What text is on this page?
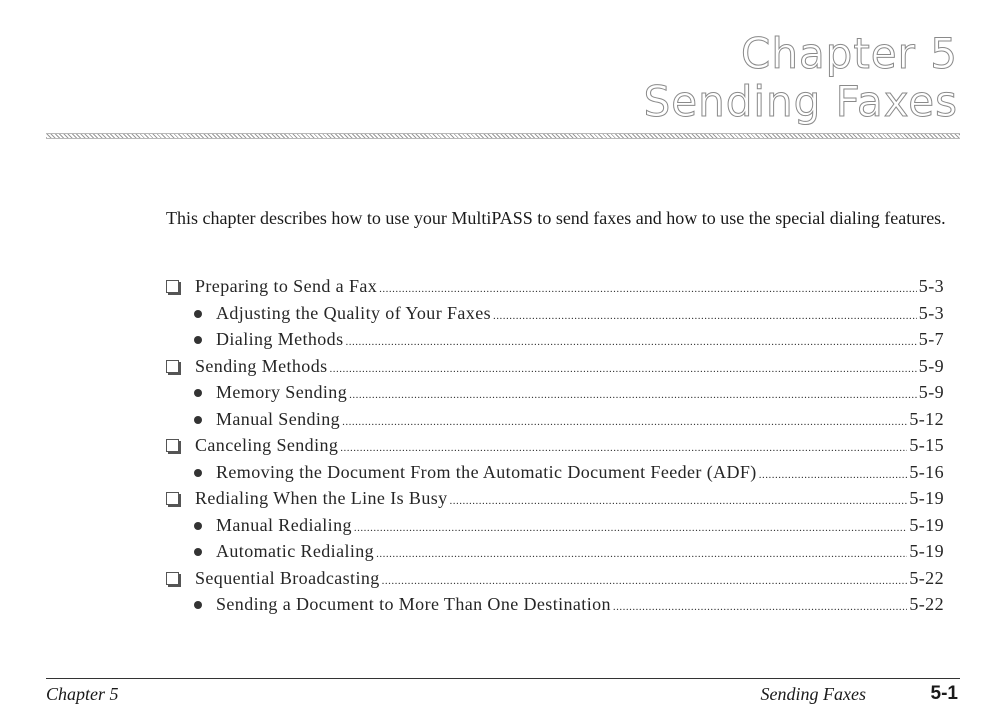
Chapter 5
Sending Faxes

This chapter describes how to use your MultiPASS to send faxes and how to use the special dialing features.

Preparing to Send a Fax .....	5-3
Adjusting the Quality of Your Faxes .....	5-3
Dialing Methods .....	5-7
Sending Methods .....	5-9
Memory Sending .....	5-9
Manual Sending .....	5-12
Canceling Sending .....	5-15
Removing the Document From the Automatic Document Feeder (ADF) .....	5-16
Redialing When the Line Is Busy .....	5-19
Manual Redialing .....	5-19
Automatic Redialing .....	5-19
Sequential Broadcasting .....	5-22
Sending a Document to More Than One Destination .....	5-22
Chapter 5	Sending Faxes	5-1
